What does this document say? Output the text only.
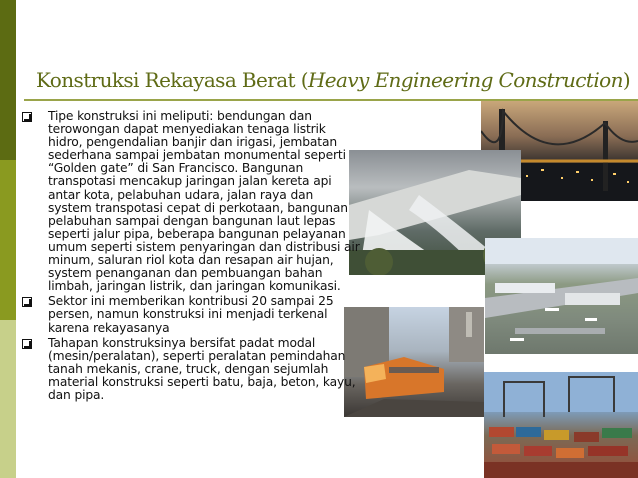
Konstruksi Rekayasa Berat (Heavy Engineering Construction)
Tipe konstruksi ini meliputi: bendungan dan terowongan dapat menyediakan tenaga listrik hidro, pengendalian banjir dan irigasi, jembatan sederhana sampai jembatan monumental seperti “Golden gate” di San Francisco. Bangunan transpotasi mencakup jaringan jalan kereta api antar kota, pelabuhan udara, jalan raya dan system transpotasi cepat di perkotaan, bangunan pelabuhan sampai dengan bangunan laut lepas seperti jalur pipa, beberapa bangunan pelayanan umum seperti sistem penyaringan dan distribusi air minum, saluran riol kota dan resapan air hujan, system penanganan dan pembuangan bahan limbah, jaringan listrik, dan jaringan komunikasi.
Sektor ini memberikan kontribusi 20 sampai 25 persen, namun konstruksi ini menjadi terkenal karena rekayasanya
Tahapan konstruksinya bersifat padat modal (mesin/peralatan), seperti peralatan pemindahan tanah mekanis, crane, truck, dengan sejumlah material konstruksi seperti batu, baja, beton, kayu, dan pipa.
